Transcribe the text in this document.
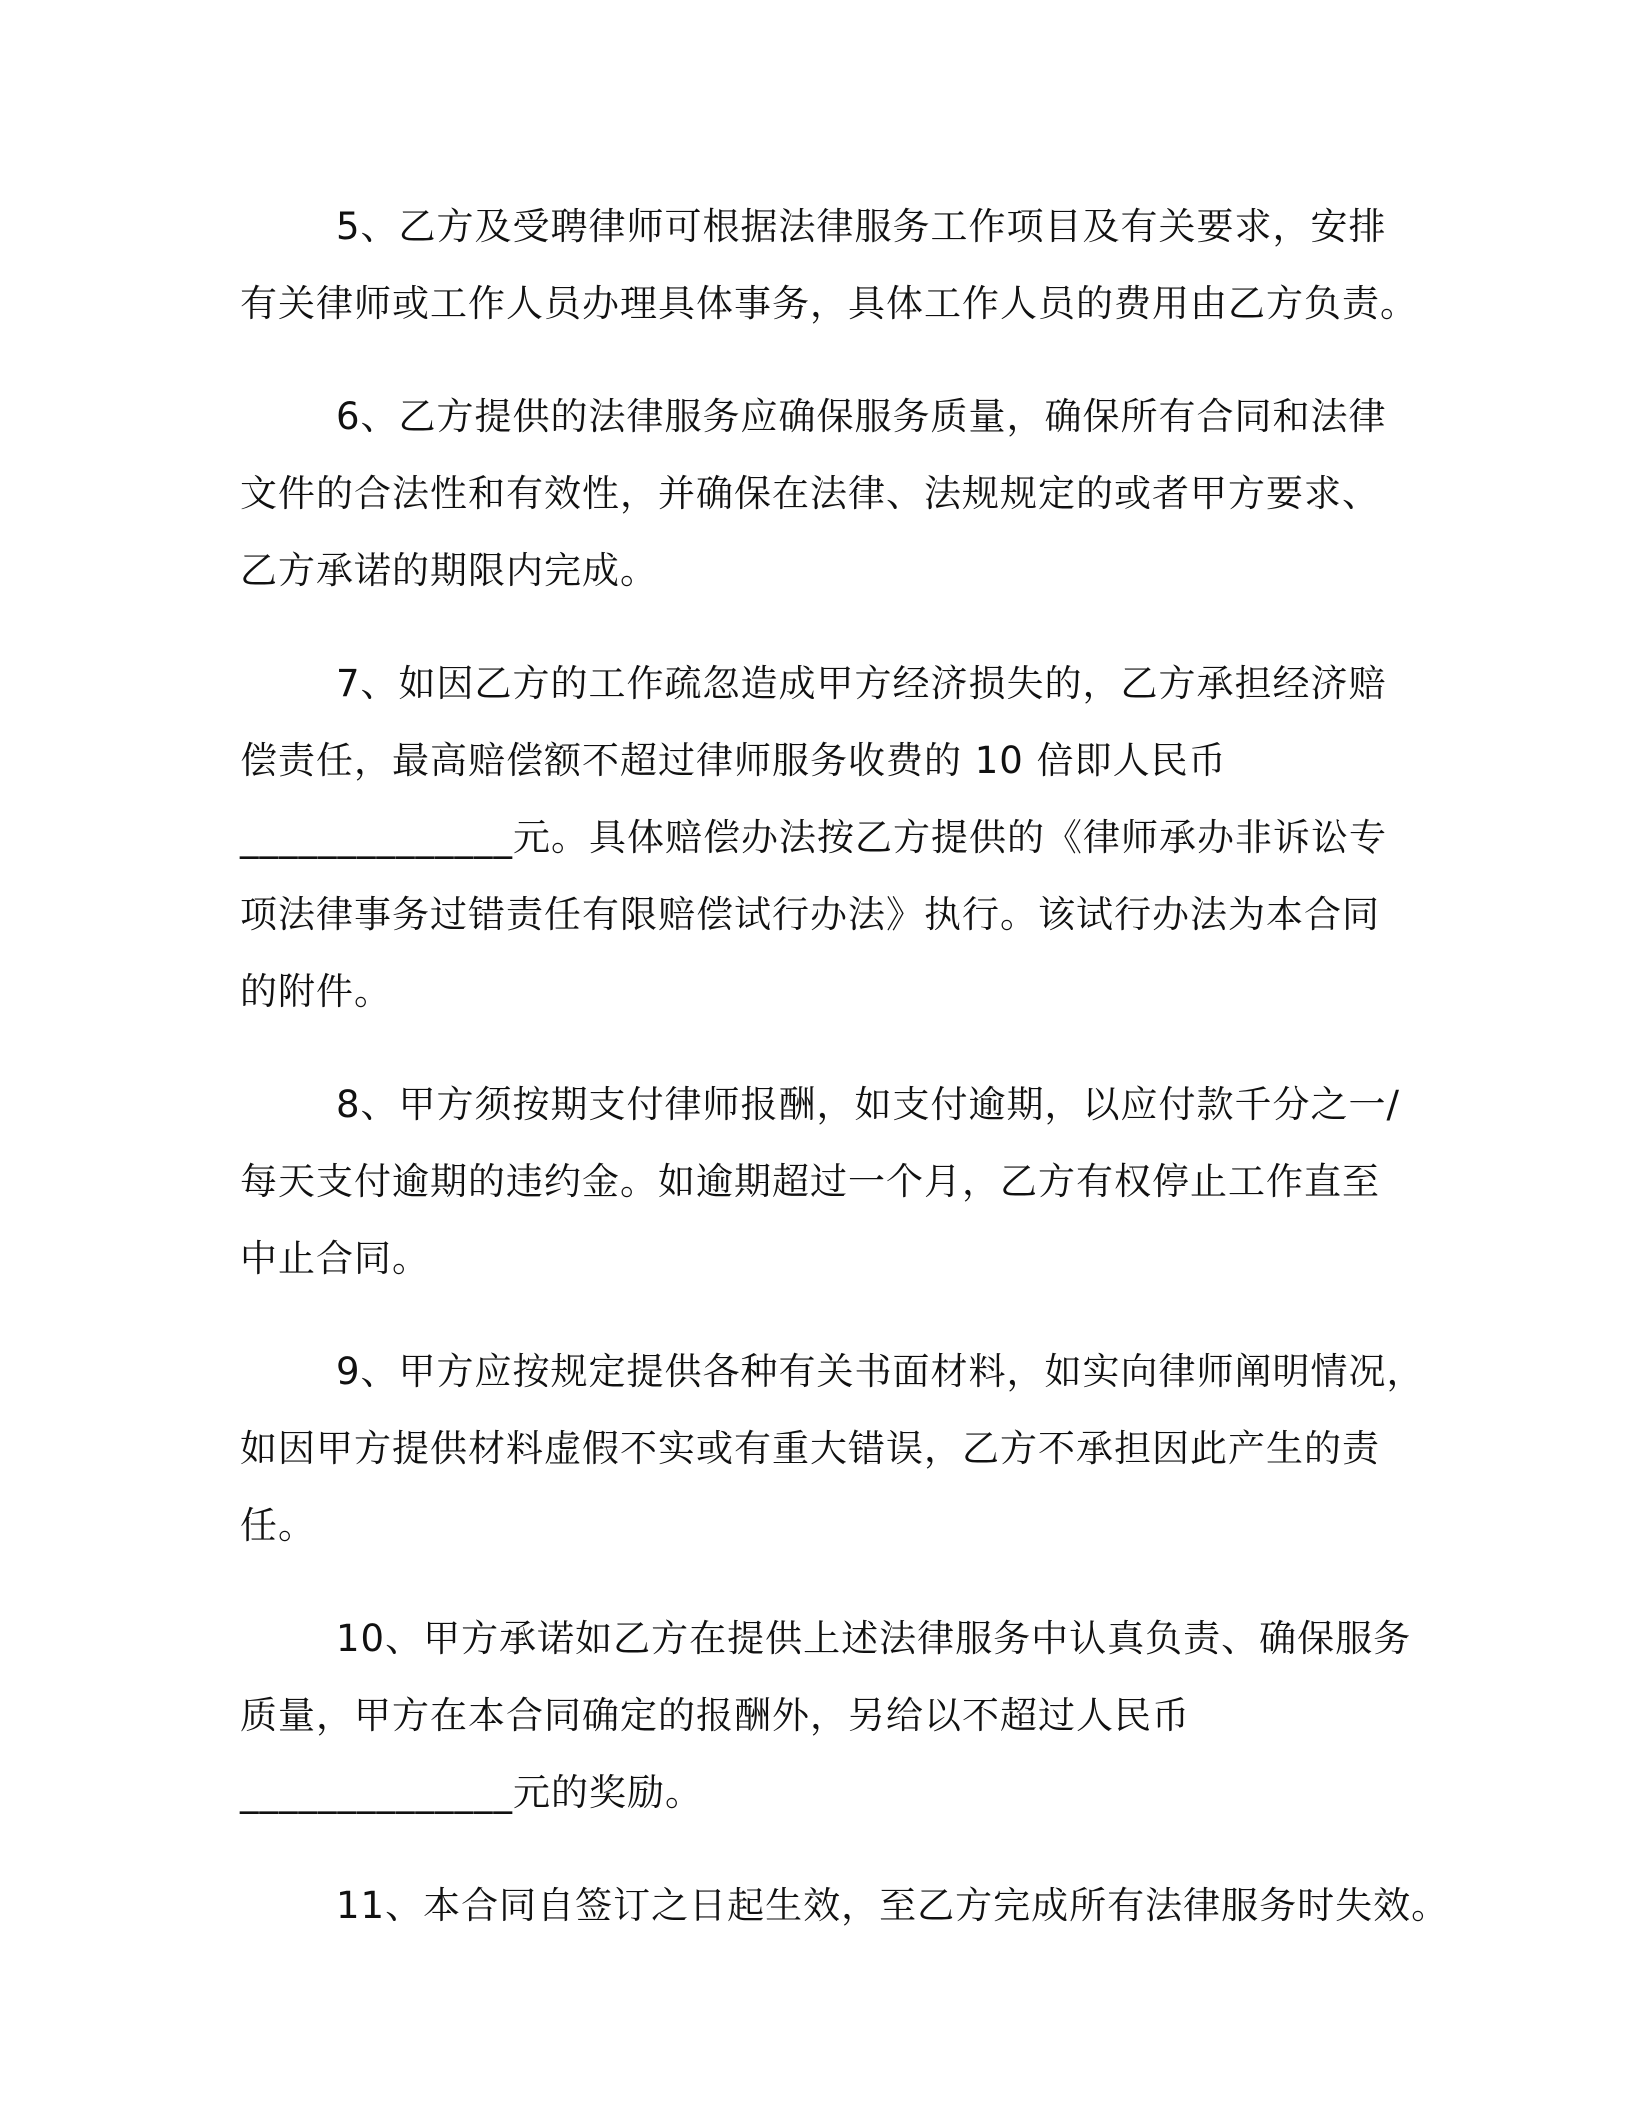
5、乙方及受聘律师可根据法律服务工作项目及有关要求，安排
有关律师或工作人员办理具体事务，具体工作人员的费用由乙方负责。

6、乙方提供的法律服务应确保服务质量，确保所有合同和法律
文件的合法性和有效性，并确保在法律、法规规定的或者甲方要求、
乙方承诺的期限内完成。

7、如因乙方的工作疏忽造成甲方经济损失的，乙方承担经济赔
偿责任，最高赔偿额不超过律师服务收费的 10 倍即人民币
______________元。具体赔偿办法按乙方提供的《律师承办非诉讼专
项法律事务过错责任有限赔偿试行办法》执行。该试行办法为本合同
的附件。

8、甲方须按期支付律师报酬，如支付逾期，以应付款千分之一/
每天支付逾期的违约金。如逾期超过一个月，乙方有权停止工作直至
中止合同。

9、甲方应按规定提供各种有关书面材料，如实向律师阐明情况，
如因甲方提供材料虚假不实或有重大错误，乙方不承担因此产生的责
任。

10、甲方承诺如乙方在提供上述法律服务中认真负责、确保服务
质量，甲方在本合同确定的报酬外，另给以不超过人民币
______________元的奖励。

11、本合同自签订之日起生效，至乙方完成所有法律服务时失效。
